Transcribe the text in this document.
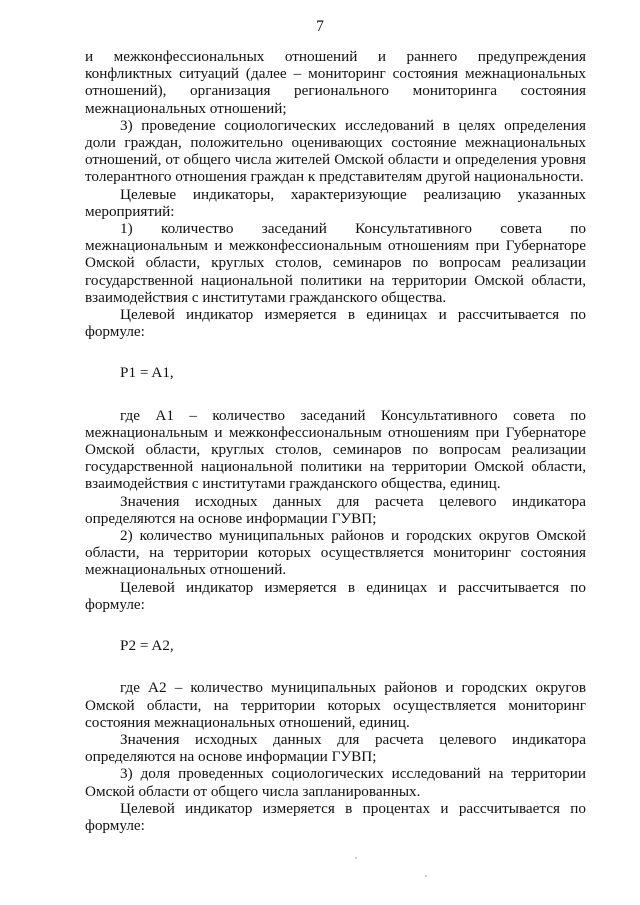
7

и межконфессиональных отношений и раннего предупреждения конфликтных ситуаций (далее – мониторинг состояния межнациональных отношений), организация регионального мониторинга состояния межнациональных отношений;

3) проведение социологических исследований в целях определения доли граждан, положительно оценивающих состояние межнациональных отношений, от общего числа жителей Омской области и определения уровня толерантного отношения граждан к представителям другой национальности.

Целевые индикаторы, характеризующие реализацию указанных мероприятий:

1) количество заседаний Консультативного совета по межнациональным и межконфессиональным отношениям при Губернаторе Омской области, круглых столов, семинаров по вопросам реализации государственной национальной политики на территории Омской области, взаимодействия с институтами гражданского общества.

Целевой индикатор измеряется в единицах и рассчитывается по формуле:

P1 = A1,

где А1 – количество заседаний Консультативного совета по межнациональным и межконфессиональным отношениям при Губернаторе Омской области, круглых столов, семинаров по вопросам реализации государственной национальной политики на территории Омской области, взаимодействия с институтами гражданского общества, единиц.

Значения исходных данных для расчета целевого индикатора определяются на основе информации ГУВП;

2) количество муниципальных районов и городских округов Омской области, на территории которых осуществляется мониторинг состояния межнациональных отношений.

Целевой индикатор измеряется в единицах и рассчитывается по формуле:

P2 = A2,

где А2 – количество муниципальных районов и городских округов Омской области, на территории которых осуществляется мониторинг состояния межнациональных отношений, единиц.

Значения исходных данных для расчета целевого индикатора определяются на основе информации ГУВП;

3) доля проведенных социологических исследований на территории Омской области от общего числа запланированных.

Целевой индикатор измеряется в процентах и рассчитывается по формуле:
